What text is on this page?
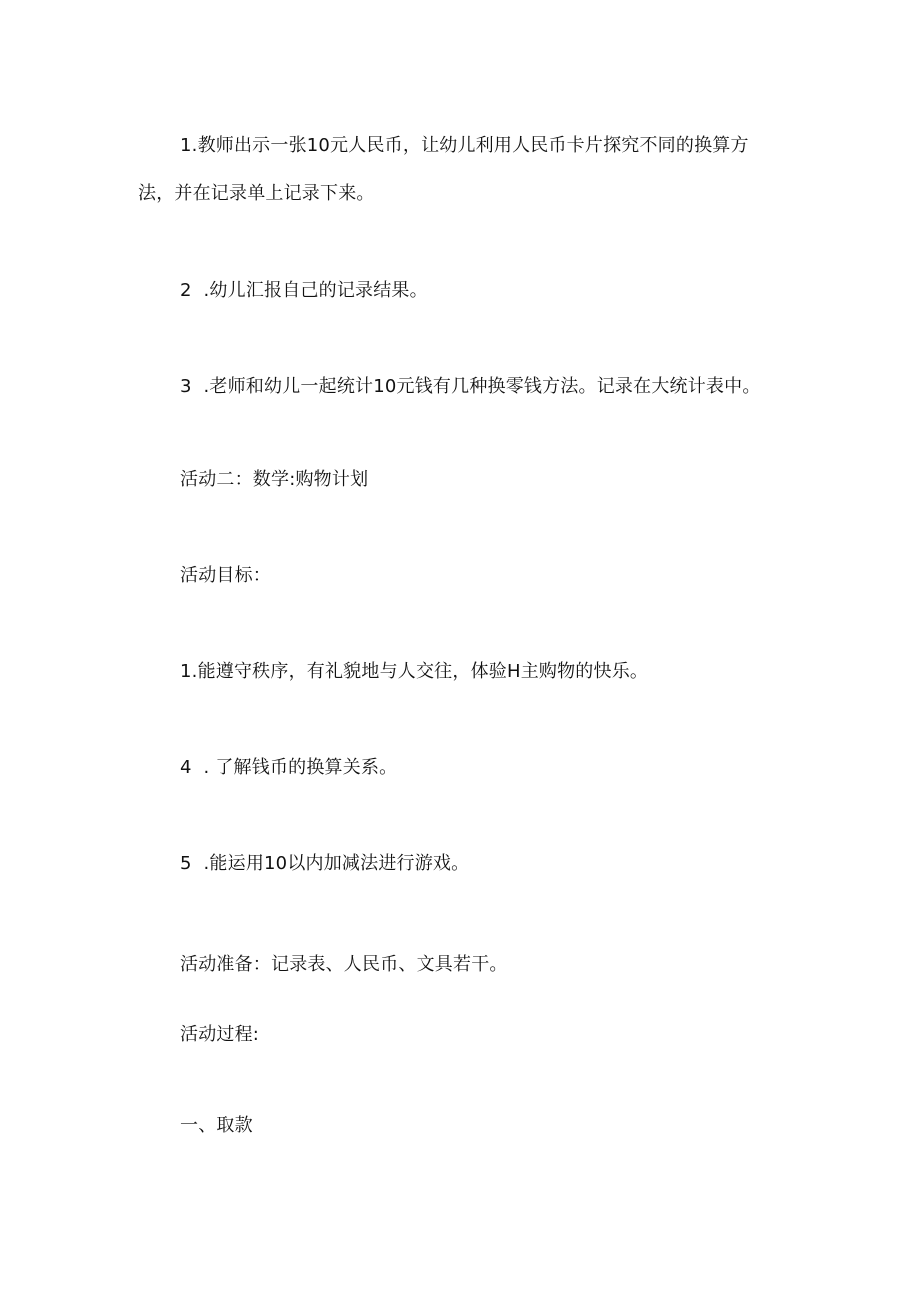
1.教师出示一张10元人民币，让幼儿利用人民币卡片探究不同的换算方
法，并在记录单上记录下来。
2  .幼儿汇报自己的记录结果。
3  .老师和幼儿一起统计10元钱有几种换零钱方法。记录在大统计表中。
活动二：数学:购物计划
活动目标：
1.能遵守秩序，有礼貌地与人交往，体验H主购物的快乐。
4  . 了解钱币的换算关系。
5  .能运用10以内加减法进行游戏。
活动准备：记录表、人民币、文具若干。
活动过程:
一、取款
